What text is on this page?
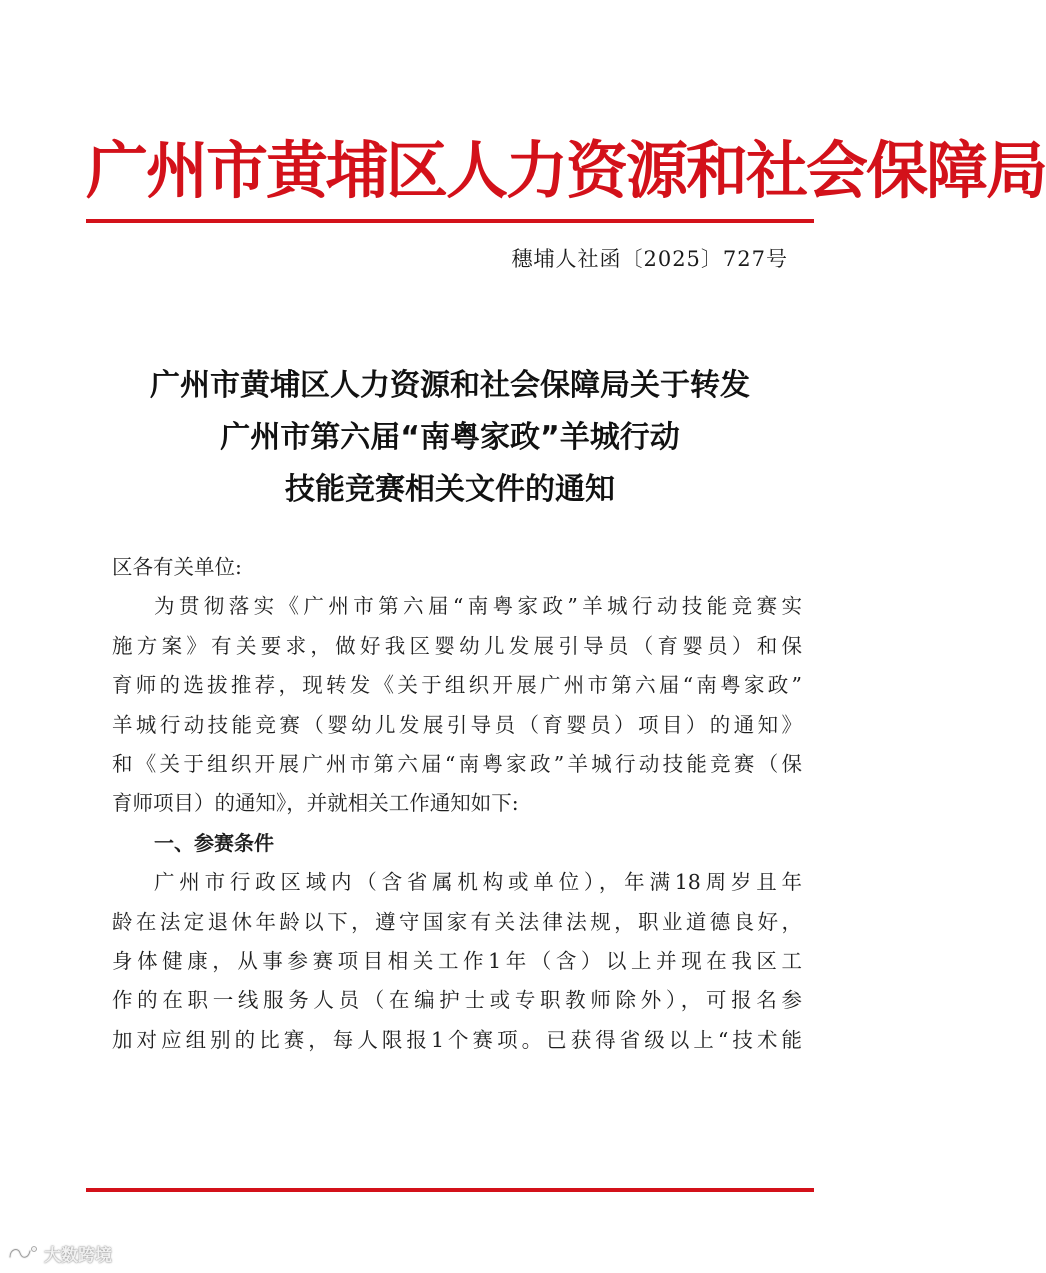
广州市黄埔区人力资源和社会保障局
穗埔人社函〔2025〕727号
广州市黄埔区人力资源和社会保障局关于转发
广州市第六届“南粤家政”羊城行动
技能竞赛相关文件的通知
区各有关单位:
为贯彻落实《广州市第六届“南粤家政”羊城行动技能竞赛实
施方案》有关要求，做好我区婴幼儿发展引导员（育婴员）和保
育师的选拔推荐，现转发《关于组织开展广州市第六届“南粤家政”
羊城行动技能竞赛（婴幼儿发展引导员（育婴员）项目）的通知》
和《关于组织开展广州市第六届“南粤家政”羊城行动技能竞赛（保
育师项目）的通知》，并就相关工作通知如下:
一、参赛条件
广州市行政区域内（含省属机构或单位），年满18周岁且年
龄在法定退休年龄以下，遵守国家有关法律法规，职业道德良好，
身体健康，从事参赛项目相关工作1年（含）以上并现在我区工
作的在职一线服务人员（在编护士或专职教师除外），可报名参
加对应组别的比赛，每人限报1个赛项。已获得省级以上“技术能
大数跨境
